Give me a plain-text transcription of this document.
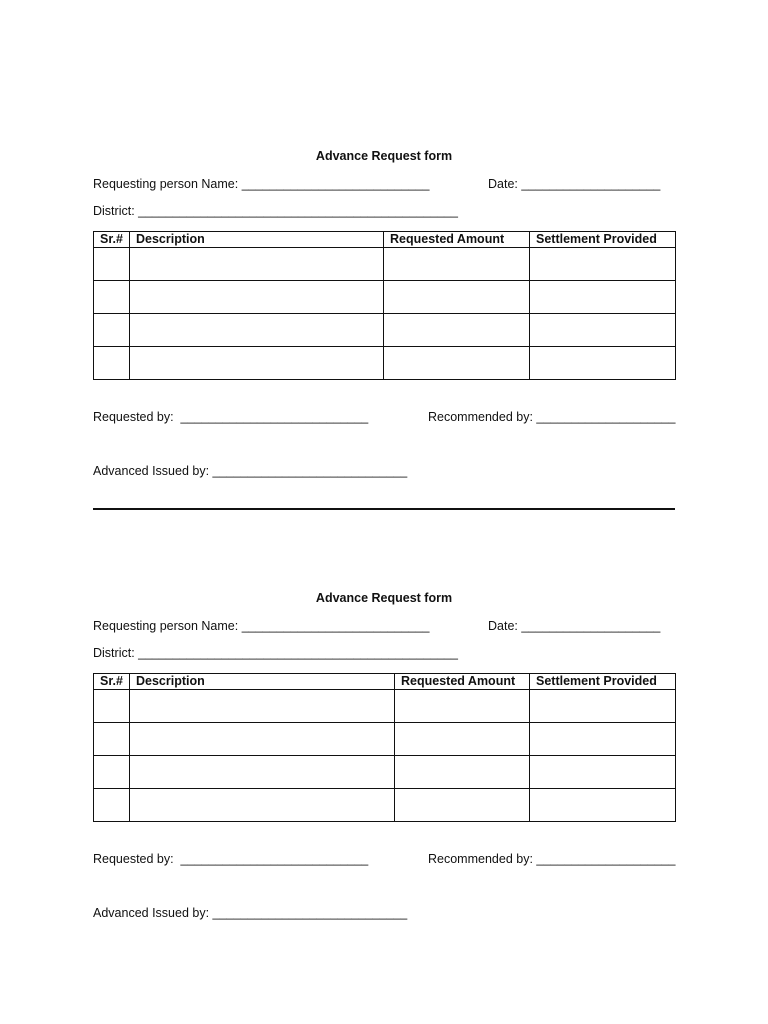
Advance Request form
Requesting person Name: ___________________________	Date: ____________________
District: ______________________________________________
Sr.#	Description	Requested Amount	Settlement Provided

Requested by:  ___________________________	Recommended by: ____________________
Advanced Issued by: ____________________________
Advance Request form
Requesting person Name: ___________________________	Date: ____________________
District: ______________________________________________
Sr.#	Description	Requested Amount	Settlement Provided

Requested by:  ___________________________	Recommended by: ____________________
Advanced Issued by: ____________________________
